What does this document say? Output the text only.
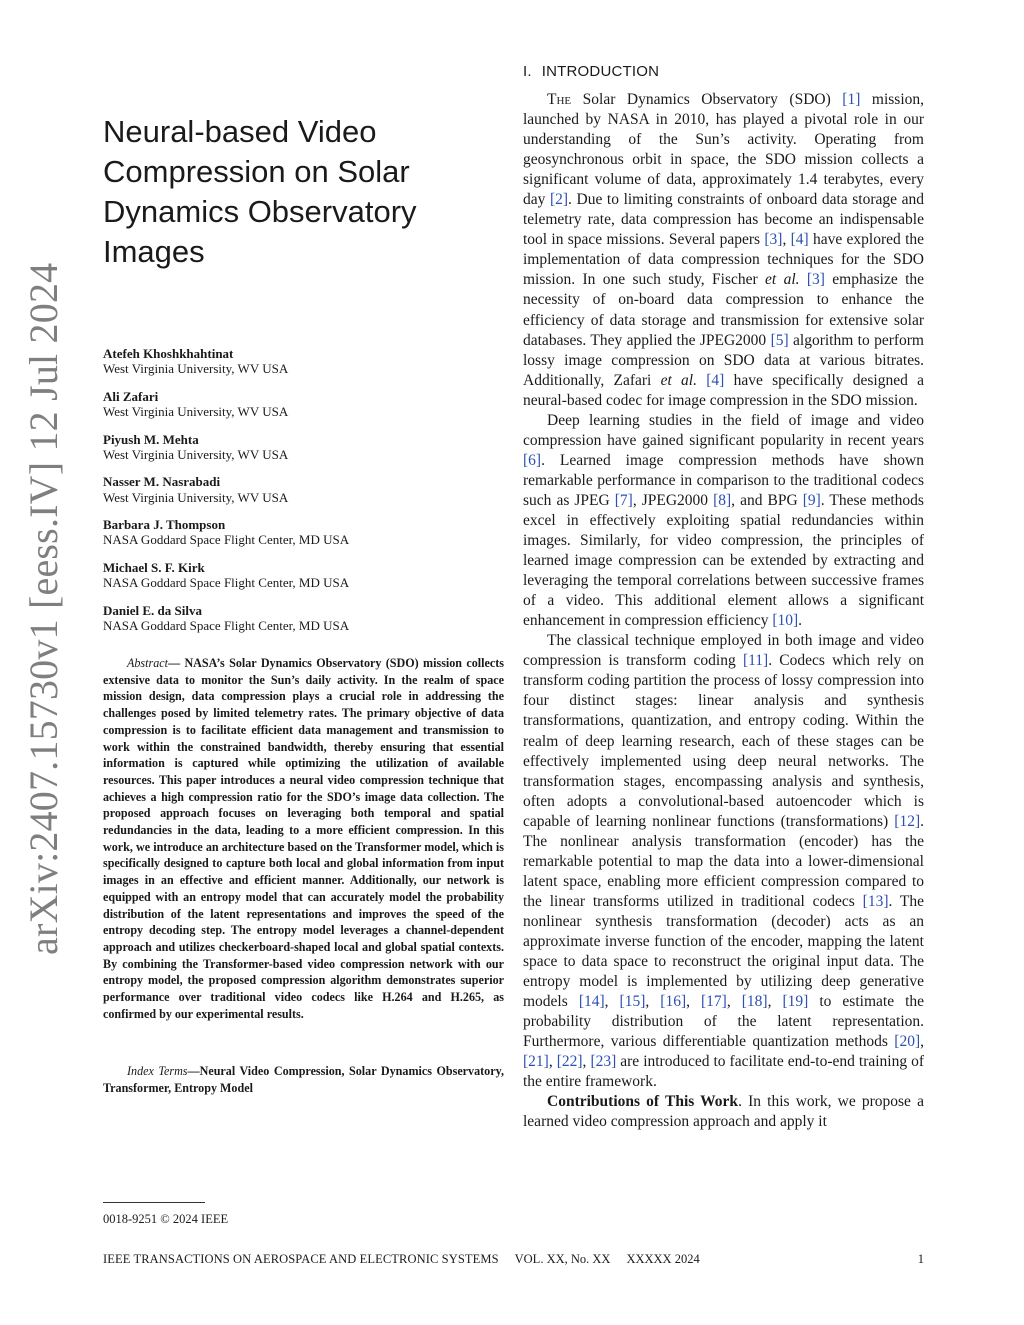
arXiv:2407.15730v1 [eess.IV] 12 Jul 2024
Neural-based Video Compression on Solar Dynamics Observatory Images
Atefeh Khoshkhahtinat
West Virginia University, WV USA
Ali Zafari
West Virginia University, WV USA
Piyush M. Mehta
West Virginia University, WV USA
Nasser M. Nasrabadi
West Virginia University, WV USA
Barbara J. Thompson
NASA Goddard Space Flight Center, MD USA
Michael S. F. Kirk
NASA Goddard Space Flight Center, MD USA
Daniel E. da Silva
NASA Goddard Space Flight Center, MD USA

Abstract— NASA’s Solar Dynamics Observatory (SDO) mission collects extensive data to monitor the Sun’s daily activity. In the realm of space mission design, data compression plays a crucial role in addressing the challenges posed by limited telemetry rates. The primary objective of data compression is to facilitate efficient data management and transmission to work within the constrained bandwidth, thereby ensuring that essential information is captured while optimizing the utilization of available resources. This paper introduces a neural video compression technique that achieves a high compression ratio for the SDO’s image data collection. The proposed approach focuses on leveraging both temporal and spatial redundancies in the data, leading to a more efficient compression. In this work, we introduce an architecture based on the Transformer model, which is specifically designed to capture both local and global information from input images in an effective and efficient manner. Additionally, our network is equipped with an entropy model that can accurately model the probability distribution of the latent representations and improves the speed of the entropy decoding step. The entropy model leverages a channel-dependent approach and utilizes checkerboard-shaped local and global spatial contexts. By combining the Transformer-based video compression network with our entropy model, the proposed compression algorithm demonstrates superior performance over traditional video codecs like H.264 and H.265, as confirmed by our experimental results.

Index Terms—Neural Video Compression, Solar Dynamics Observatory, Transformer, Entropy Model

0018-9251 © 2024 IEEE
I. INTRODUCTION

The Solar Dynamics Observatory (SDO) [1] mission, launched by NASA in 2010, has played a pivotal role in our understanding of the Sun’s activity. Operating from geosynchronous orbit in space, the SDO mission collects a significant volume of data, approximately 1.4 terabytes, every day [2]. Due to limiting constraints of onboard data storage and telemetry rate, data compression has become an indispensable tool in space missions. Several papers [3], [4] have explored the implementation of data compression techniques for the SDO mission. In one such study, Fischer et al. [3] emphasize the necessity of on-board data compression to enhance the efficiency of data storage and transmission for extensive solar databases. They applied the JPEG2000 [5] algorithm to perform lossy image compression on SDO data at various bitrates. Additionally, Zafari et al. [4] have specifically designed a neural-based codec for image compression in the SDO mission.

Deep learning studies in the field of image and video compression have gained significant popularity in recent years [6]. Learned image compression methods have shown remarkable performance in comparison to the traditional codecs such as JPEG [7], JPEG2000 [8], and BPG [9]. These methods excel in effectively exploiting spatial redundancies within images. Similarly, for video compression, the principles of learned image compression can be extended by extracting and leveraging the temporal correlations between successive frames of a video. This additional element allows a significant enhancement in compression efficiency [10].

The classical technique employed in both image and video compression is transform coding [11]. Codecs which rely on transform coding partition the process of lossy compression into four distinct stages: linear analysis and synthesis transformations, quantization, and entropy coding. Within the realm of deep learning research, each of these stages can be effectively implemented using deep neural networks. The transformation stages, encompassing analysis and synthesis, often adopts a convolutional-based autoencoder which is capable of learning nonlinear functions (transformations) [12]. The nonlinear analysis transformation (encoder) has the remarkable potential to map the data into a lower-dimensional latent space, enabling more efficient compression compared to the linear transforms utilized in traditional codecs [13]. The nonlinear synthesis transformation (decoder) acts as an approximate inverse function of the encoder, mapping the latent space to data space to reconstruct the original input data. The entropy model is implemented by utilizing deep generative models [14], [15], [16], [17], [18], [19] to estimate the probability distribution of the latent representation. Furthermore, various differentiable quantization methods [20], [21], [22], [23] are introduced to facilitate end-to-end training of the entire framework.

Contributions of This Work. In this work, we propose a learned video compression approach and apply it

IEEE TRANSACTIONS ON AEROSPACE AND ELECTRONIC SYSTEMS VOL. XX, No. XX XXXXX 2024	1
